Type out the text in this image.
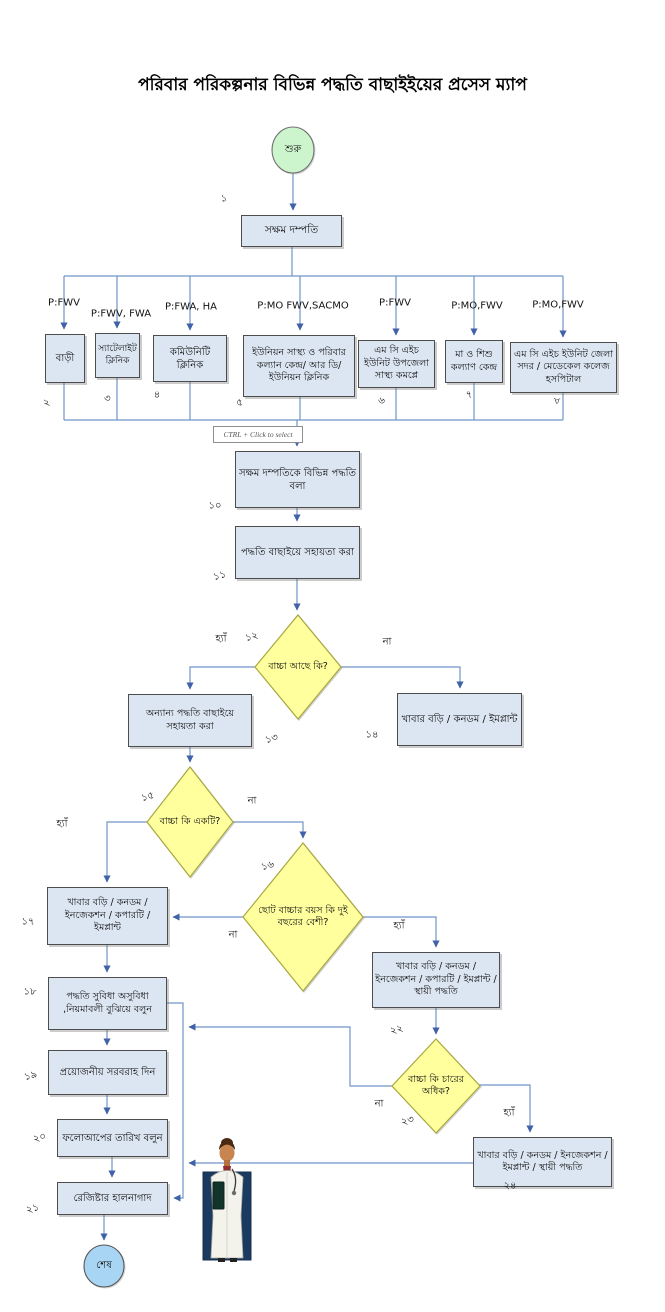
পরিবার পরিকল্পনার বিভিন্ন পদ্ধতি বাছাইইয়ের প্রসেস ম্যাপ
শুরু
শেষ
সক্ষম দম্পতি
বাড়ী
স্যাটেলাইট ক্লিনিক
কমিউনিটি ক্লিনিক
ইউনিয়ন সাস্থ্য ও পরিবার কল্যান কেন্দ্র/ আর ডি/ ইউনিয়ন ক্লিনিক
এম সি এইচ ইউনিট উপজেলা সাস্থ্য কমপ্লে
মা ও শিশু কল্যাণ কেন্দ্র
এম সি এইচ ইউনিট জেলা সদর / মেডেকেল কলেজ হসপিটাল
সক্ষম দম্পতিকে বিভিন্ন পদ্ধতি বলা
পদ্ধতি বাছাইয়ে সহায়তা করা
অন্যান্য পদ্ধতি বাছাইয়ে সহায়তা করা
খাবার বড়ি / কনডম / ইমপ্লান্ট
খাবার বড়ি / কনডম / ইনজেকশন / কপারটি / ইমপ্লান্ট
পদ্ধতি সুবিধা অসুবিধা ,নিয়মাবলী বুঝিয়ে বলুন
প্রয়োজনীয় সরবরাহ দিন
ফলোআপের তারিখ বলুন
রেজিষ্টার হালনাগাদ
খাবার বড়ি / কনডম / ইনজেকশন / কপারটি / ইমপ্লান্ট / স্থায়ী পদ্ধতি
খাবার বড়ি / কনডম / ইনজেকশন / ইমপ্লান্ট / স্থায়ী পদ্ধতি
বাচ্চা আছে কি?
বাচ্চা কি একটি?
ছোট বাচ্চার বয়স কি দুই বছরের বেশী?
বাচ্চা কি চারের অধিক?
P:FWV
P:FWV, FWA
P:FWA, HA	P:MO FWV,SACMO	P:FWV	P:MO,FWV	P:MO,FWV
১
২	৩	৪
৫	৬	৭	৮
১০
১১
১২
১৩	১৪
১৫
১৬
১৭
১৮
১৯
২০
২১
২২
২৩
২৪
হ্যাঁ	না
হ্যাঁ
না
না
হ্যাঁ
না
হ্যাঁ
CTRL + Click to select
